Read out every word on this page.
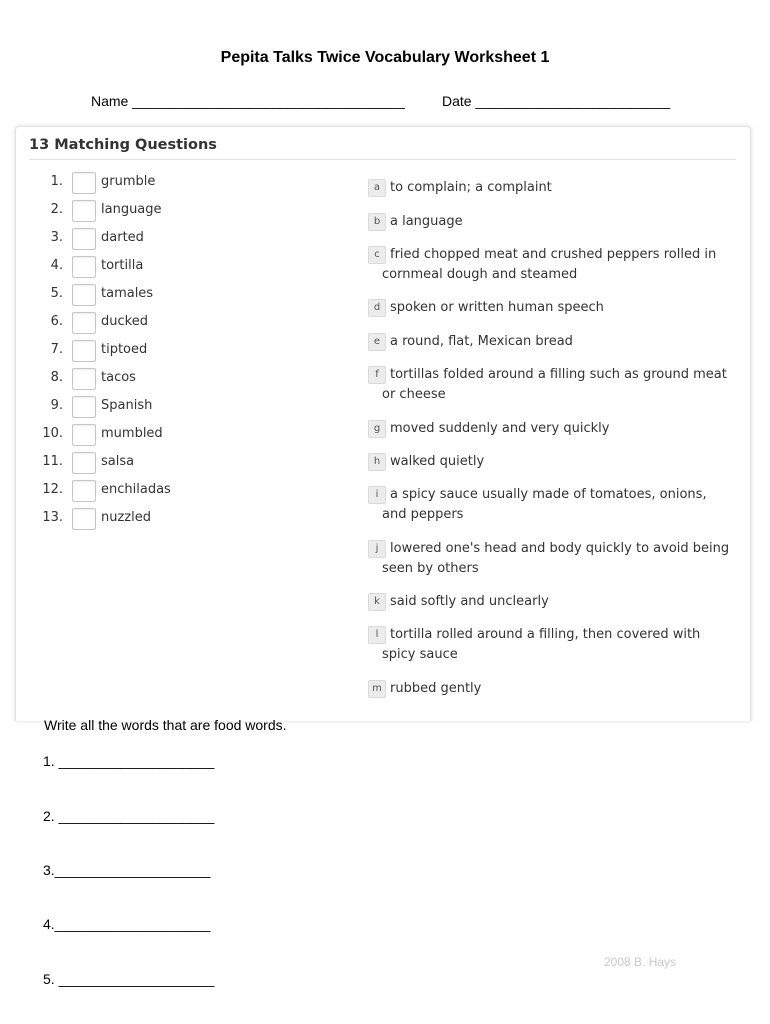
Pepita Talks Twice Vocabulary Worksheet 1
Name ___________________________________	Date _________________________
13 Matching Questions
1.	grumble
2.	language
3.	darted
4.	tortilla
5.	tamales
6.	ducked
7.	tiptoed
8.	tacos
9.	Spanish
10.	mumbled
11.	salsa
12.	enchiladas
13.	nuzzled
a to complain; a complaint
b a language
c fried chopped meat and crushed peppers rolled in
cornmeal dough and steamed
d spoken or written human speech
e a round, flat, Mexican bread
f tortillas folded around a filling such as ground meat
or cheese
g moved suddenly and very quickly
h walked quietly
i a spicy sauce usually made of tomatoes, onions,
and peppers
j lowered one's head and body quickly to avoid being
seen by others
k said softly and unclearly
l tortilla rolled around a filling, then covered with
spicy sauce
m rubbed gently
Write all the words that are food words.
1. ____________________
2. ____________________
3.____________________
4.____________________
5. ____________________
2008 B. Hays
